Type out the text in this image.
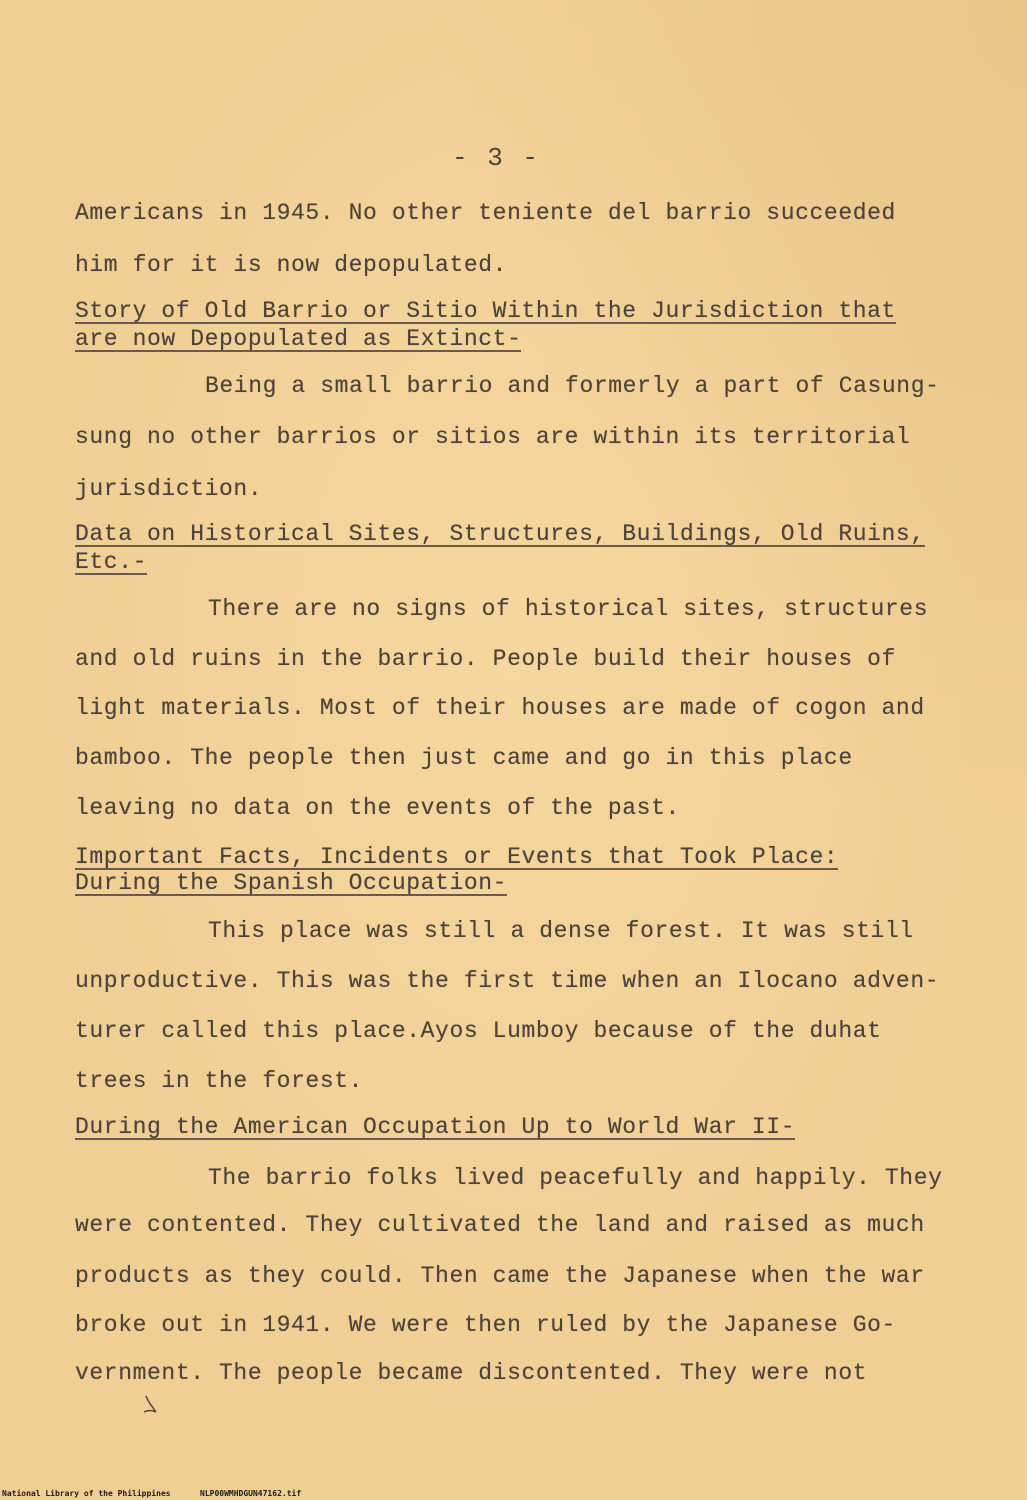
- 3 -
Americans in 1945. No other teniente del barrio succeeded
him for it is now depopulated.
Story of Old Barrio or Sitio Within the Jurisdiction that
are now Depopulated as Extinct-
Being a small barrio and formerly a part of Casung-
sung no other barrios or sitios are within its territorial
jurisdiction.
Data on Historical Sites, Structures, Buildings, Old Ruins,
Etc.-
There are no signs of historical sites, structures
and old ruins in the barrio. People build their houses of
light materials. Most of their houses are made of cogon and
bamboo. The people then just came and go in this place
leaving no data on the events of the past.
Important Facts, Incidents or Events that Took Place:
During the Spanish Occupation-
This place was still a dense forest. It was still
unproductive. This was the first time when an Ilocano adven-
turer called this place.Ayos Lumboy because of the duhat
trees in the forest.
During the American Occupation Up to World War II-
The barrio folks lived peacefully and happily. They
were contented. They cultivated the land and raised as much
products as they could. Then came the Japanese when the war
broke out in 1941. We were then ruled by the Japanese Go-
vernment. The people became discontented. They were not
National Library of the Philippines	NLP00WMHDGUN47162.tif
